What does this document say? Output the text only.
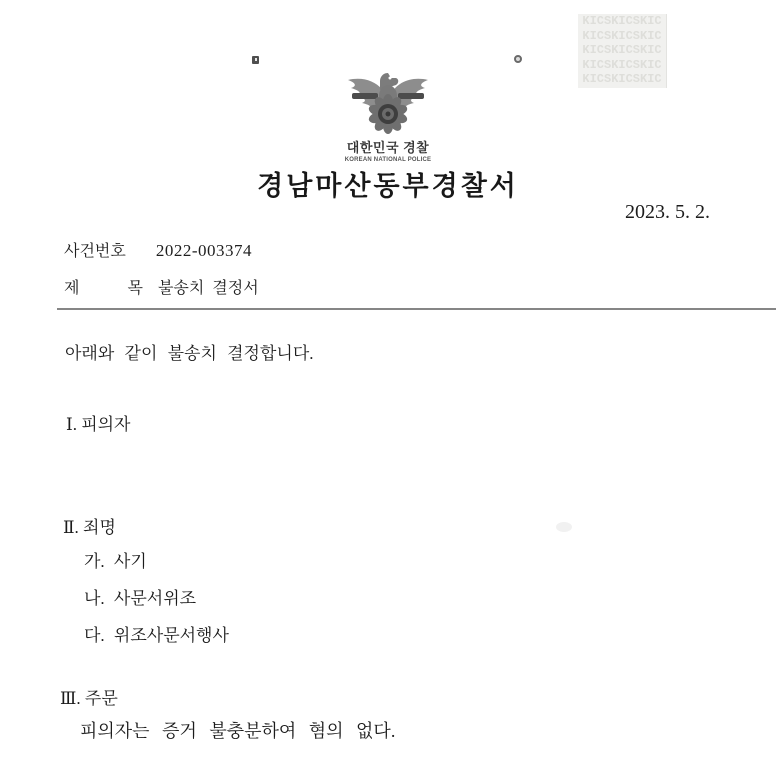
KICSKICSKIC
KICSKICSKIC
KICSKICSKIC
KICSKICSKIC
KICSKICSKIC
대한민국 경찰
KOREAN NATIONAL POLICE
경남마산동부경찰서
2023. 5. 2.
사건번호 2022-003374
제	목 불송치 결정서

아래와 같이 불송치 결정합니다.

Ⅰ. 피의자
Ⅱ. 죄명
가. 사기
나. 사문서위조
다. 위조사문서행사
Ⅲ. 주문
피의자는 증거 불충분하여 혐의 없다.
